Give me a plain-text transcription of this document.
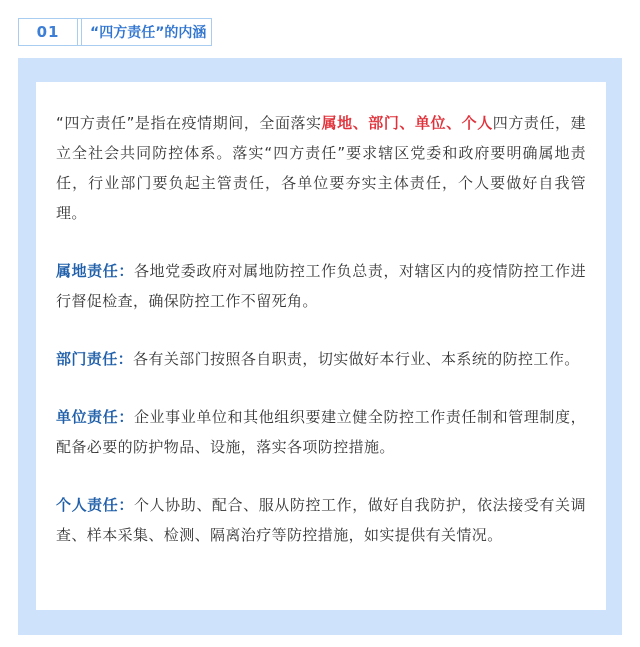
01	“四方责任”的内涵

“四方责任”是指在疫情期间，全面落实属地、部门、单位、个人四方责任，建立全社会共同防控体系。落实“四方责任”要求辖区党委和政府要明确属地责任，行业部门要负起主管责任，各单位要夯实主体责任，个人要做好自我管理。

属地责任：各地党委政府对属地防控工作负总责，对辖区内的疫情防控工作进行督促检查，确保防控工作不留死角。

部门责任：各有关部门按照各自职责，切实做好本行业、本系统的防控工作。

单位责任：企业事业单位和其他组织要建立健全防控工作责任制和管理制度，配备必要的防护物品、设施，落实各项防控措施。

个人责任：个人协助、配合、服从防控工作，做好自我防护，依法接受有关调查、样本采集、检测、隔离治疗等防控措施，如实提供有关情况。
